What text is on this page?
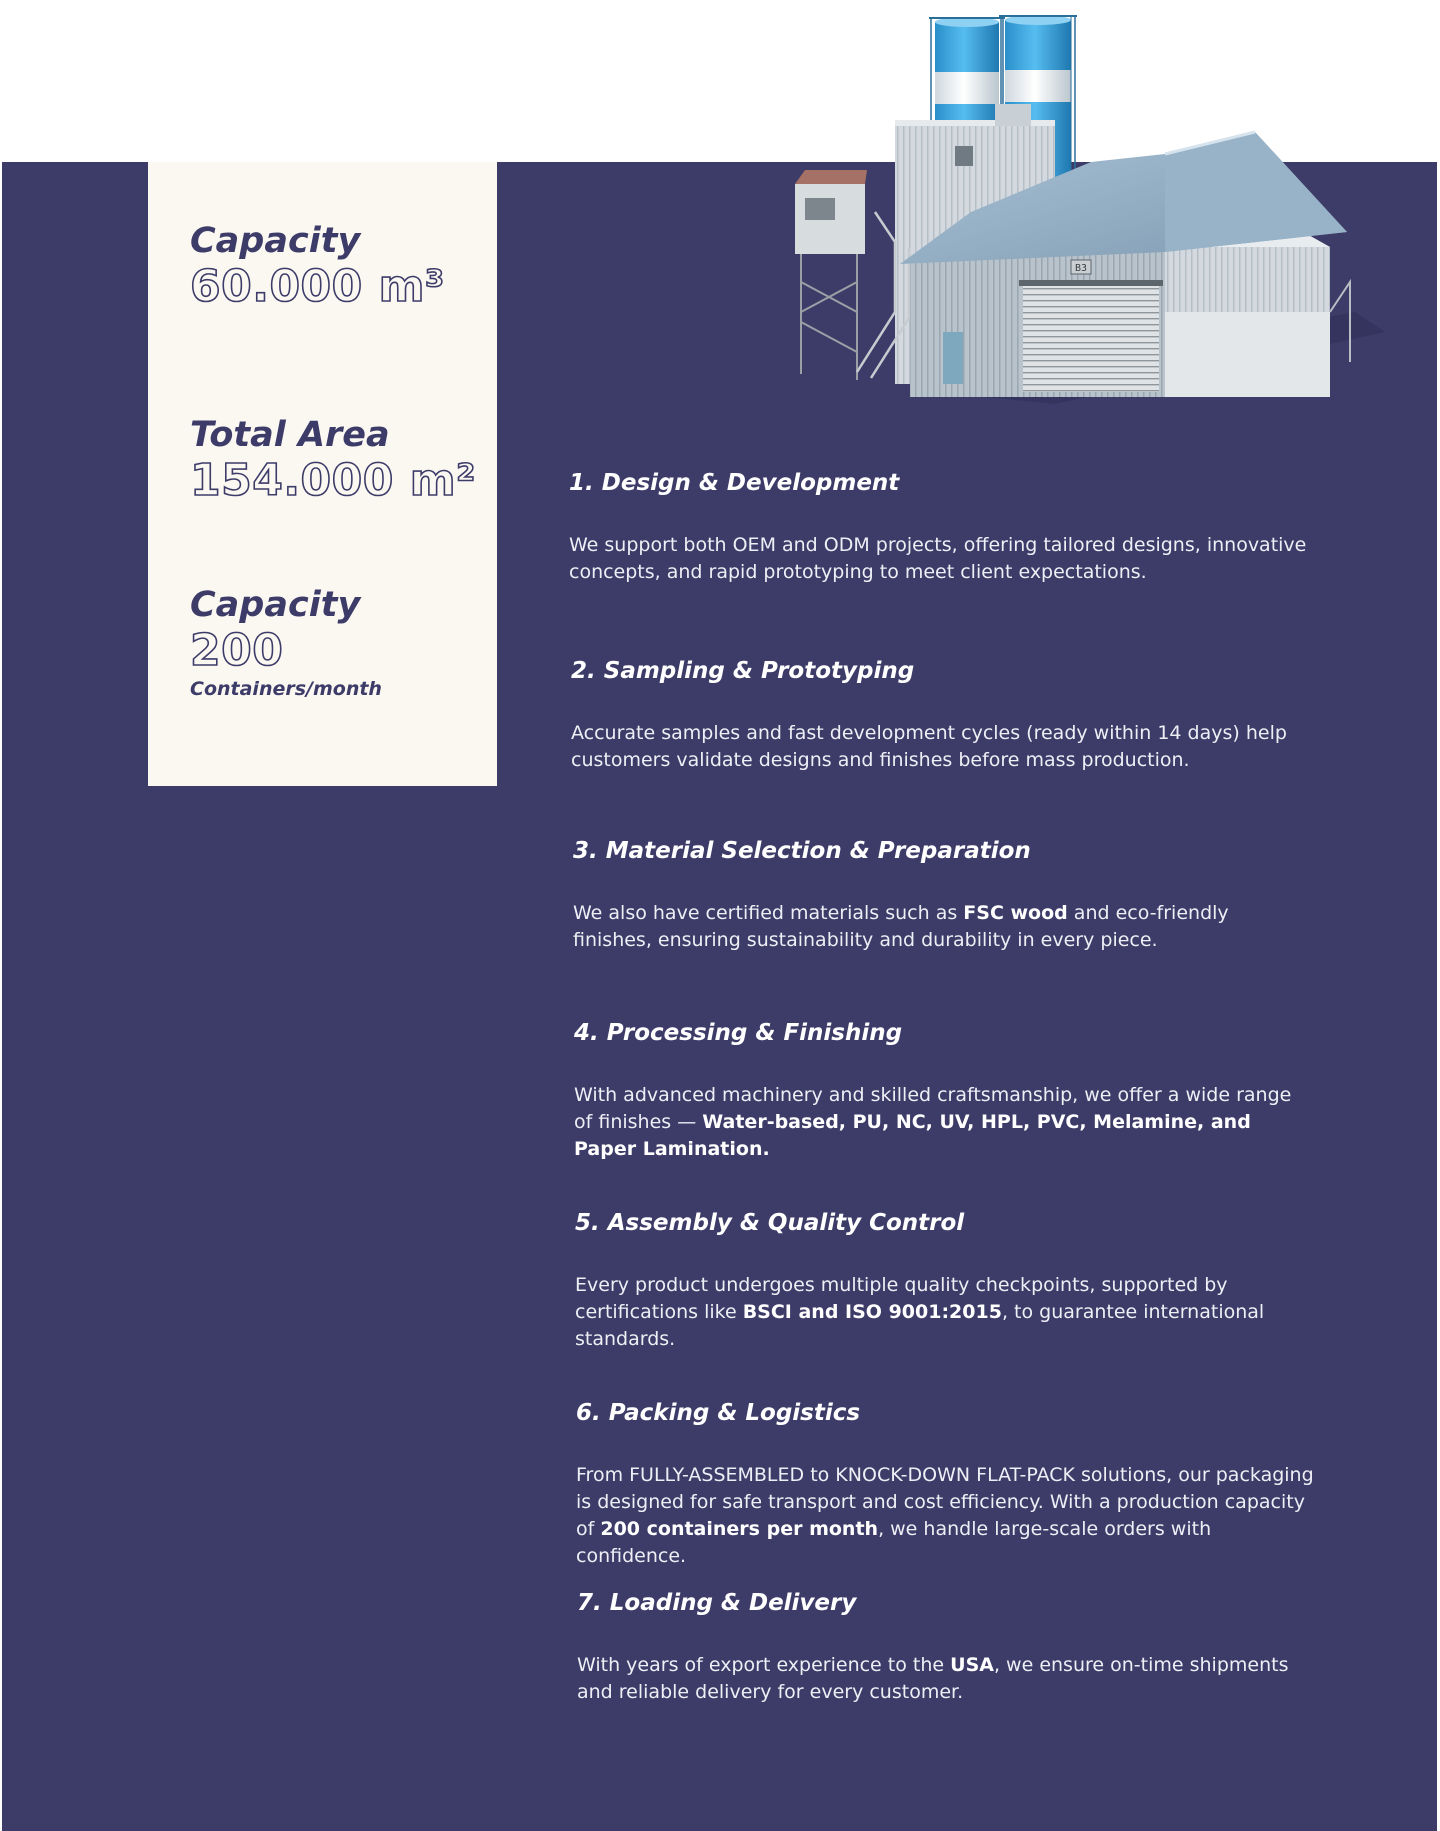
B3

Capacity

60.000 m³

Total Area

154.000 m²

Capacity

200

Containers/month

1. Design & Development

We support both OEM and ODM projects, offering tailored designs, innovative concepts, and rapid prototyping to meet client expectations.

2. Sampling & Prototyping

Accurate samples and fast development cycles (ready within 14 days) help customers validate designs and finishes before mass production.

3. Material Selection & Preparation

We also have certified materials such as FSC wood and eco-friendly finishes, ensuring sustainability and durability in every piece.

4. Processing & Finishing

With advanced machinery and skilled craftsmanship, we offer a wide range of finishes — Water-based, PU, NC, UV, HPL, PVC, Melamine, and Paper Lamination.

5. Assembly & Quality Control

Every product undergoes multiple quality checkpoints, supported by certifications like BSCI and ISO 9001:2015, to guarantee international standards.

6. Packing & Logistics

From FULLY-ASSEMBLED to KNOCK-DOWN FLAT-PACK solutions, our packaging is designed for safe transport and cost efficiency. With a production capacity of 200 containers per month, we handle large-scale orders with confidence.

7. Loading & Delivery

With years of export experience to the USA, we ensure on-time shipments and reliable delivery for every customer.
